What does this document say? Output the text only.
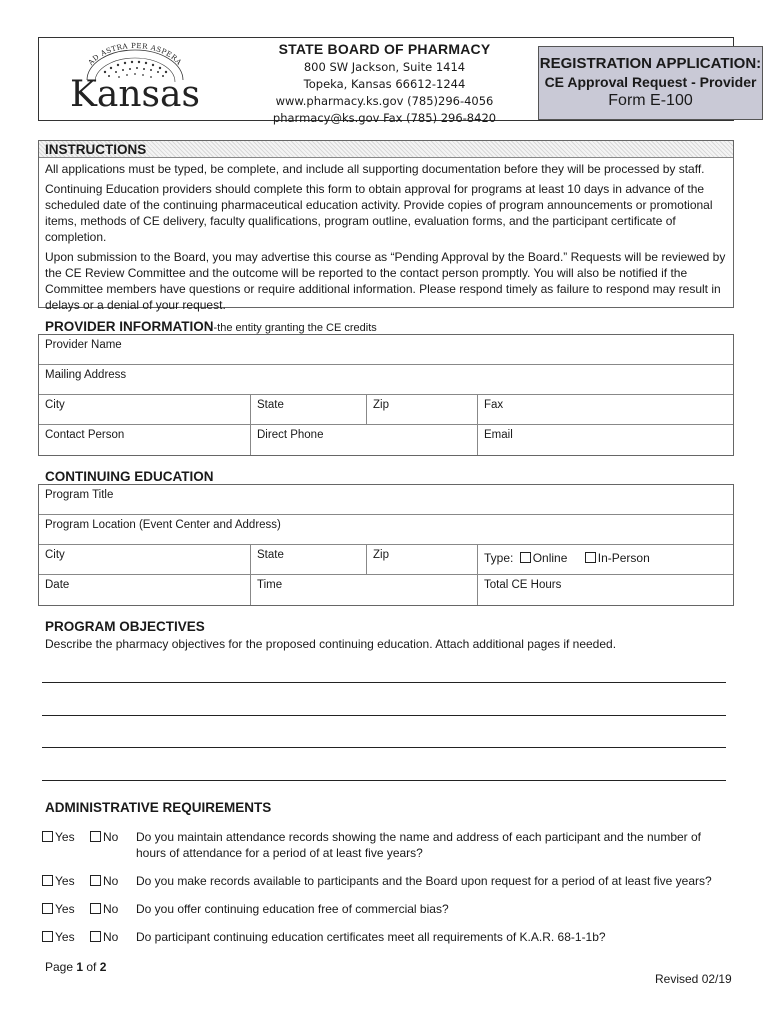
AD ASTRA PER ASPERA
Kansas
STATE BOARD OF PHARMACY
800 SW Jackson, Suite 1414
Topeka, Kansas 66612-1244
www.pharmacy.ks.gov (785)296-4056
pharmacy@ks.gov Fax (785) 296-8420
REGISTRATION APPLICATION:
CE Approval Request - Provider
Form E-100
INSTRUCTIONS

All applications must be typed, be complete, and include all supporting documentation before they will be processed by staff.

Continuing Education providers should complete this form to obtain approval for programs at least 10 days in advance of the scheduled date of the continuing pharmaceutical education activity. Provide copies of program announcements or promotional items, methods of CE delivery, faculty qualifications, program outline, evaluation forms, and the participant certificate of completion.

Upon submission to the Board, you may advertise this course as “Pending Approval by the Board.” Requests will be reviewed by the CE Review Committee and the outcome will be reported to the contact person promptly. You will also be notified if the Committee members have questions or require additional information. Please respond timely as failure to respond may result in delays or a denial of your request.

PROVIDER INFORMATION-the entity granting the CE credits
Provider Name
Mailing Address
City	State	Zip	Fax
Contact Person	Direct Phone	Email
CONTINUING EDUCATION
Program Title
Program Location (Event Center and Address)
City	State	Zip	Type: Online	In-Person
Date	Time	Total CE Hours
PROGRAM OBJECTIVES
Describe the pharmacy objectives for the proposed continuing education. Attach additional pages if needed.
ADMINISTRATIVE REQUIREMENTS
Yes	No Do you maintain attendance records showing the name and address of each participant and the number of hours of attendance for a period of at least five years?
Yes	No Do you make records available to participants and the Board upon request for a period of at least five years?
Yes	No Do you offer continuing education free of commercial bias?
Yes	No Do participant continuing education certificates meet all requirements of K.A.R. 68-1-1b?
Page 1 of 2
Revised 02/19
